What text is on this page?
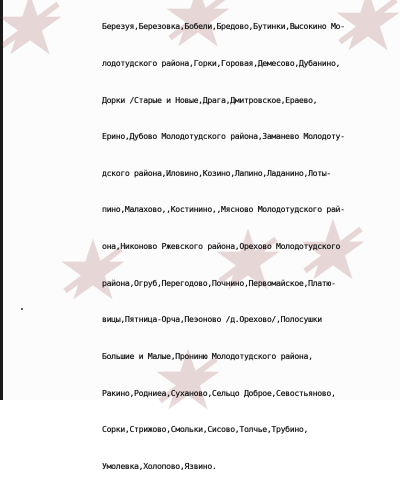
Березуя,Березовка,Бобели,Бредово,Бутинки,Высокино Мо-

лодотудского района,Горки,Горовая,Демесово,Дубанино,

Дорки /Старые и Новые,Драга,Дмитровское,Ераево,

Ерино,Дубово Молодотудского района,Заманево Молодоту-

дского района,Иловино,Козино,Лапино,Ладанино,Лоты-

пино,Малахово,,Костинино,,Мясново Молодотудского рай-

она,Никоново Ржевского района,Орехово Молодотудского

района,Огруб,Перегодово,Почнино,Первомайское,Платю-

вицы,Пятница-Орча,Пеэоново /д.Орехово/,Полосушки

Большие и Малые,Прониню Молодотудского района,

Ракино,Родниеа,Суханово,Сельцо Доброе,Севостьяново,

Сорки,Стрижово,Смольки,Сисово,Толчье,Трубино,

Умолевка,Холопово,Язвино.
